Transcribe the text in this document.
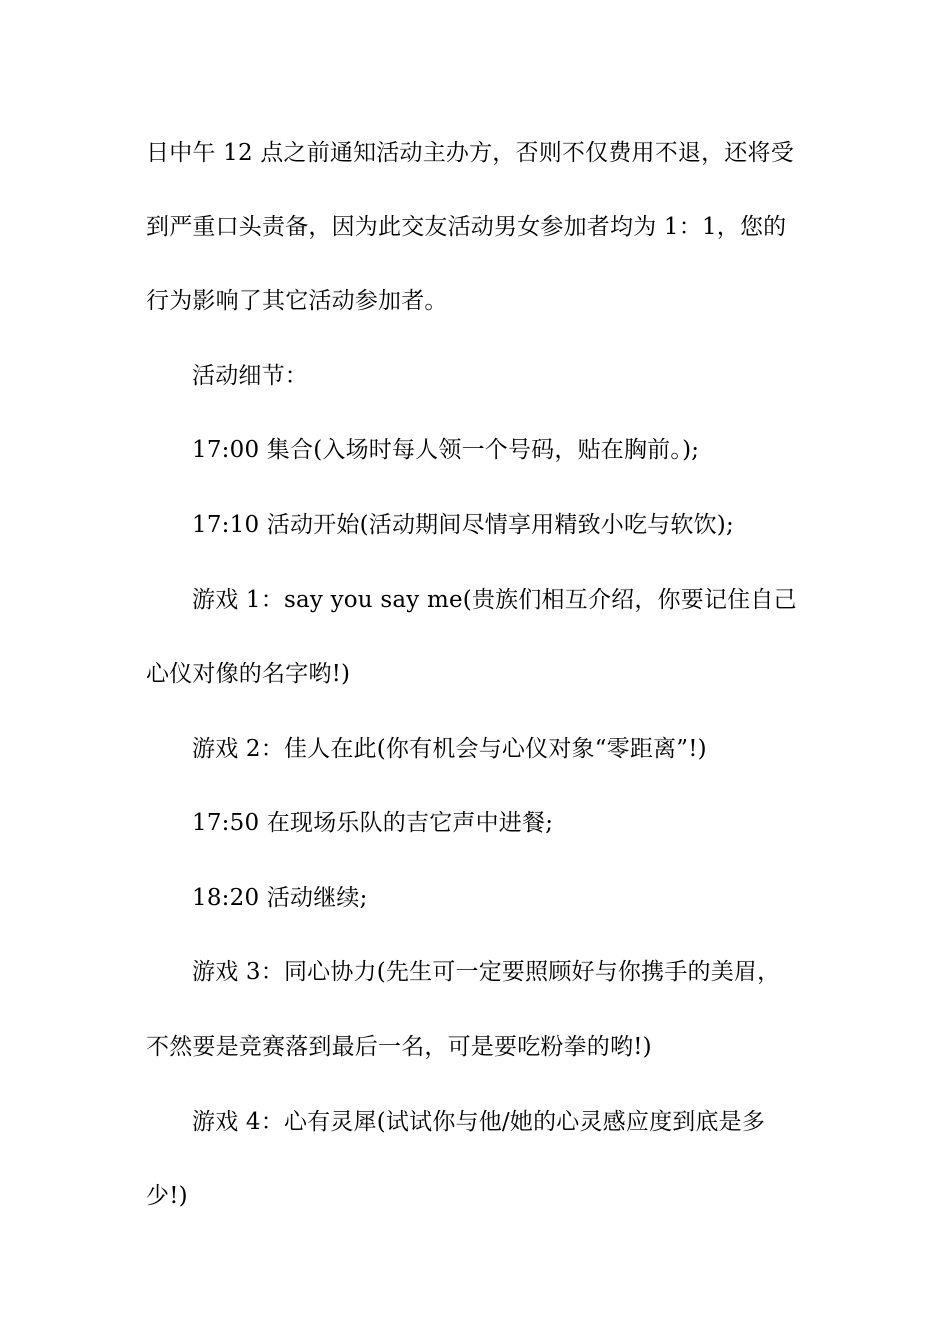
日中午 12 点之前通知活动主办方，否则不仅费用不退，还将受
到严重口头责备，因为此交友活动男女参加者均为 1：1，您的
行为影响了其它活动参加者。
活动细节：
17:00 集合(入场时每人领一个号码，贴在胸前。);
17:10 活动开始(活动期间尽情享用精致小吃与软饮);
游戏 1：say you say me(贵族们相互介绍，你要记住自己
心仪对像的名字哟!)
游戏 2：佳人在此(你有机会与心仪对象“零距离”!)
17:50 在现场乐队的吉它声中进餐;
18:20 活动继续;
游戏 3：同心协力(先生可一定要照顾好与你携手的美眉，
不然要是竞赛落到最后一名，可是要吃粉拳的哟!)
游戏 4：心有灵犀(试试你与他/她的心灵感应度到底是多
少!)
